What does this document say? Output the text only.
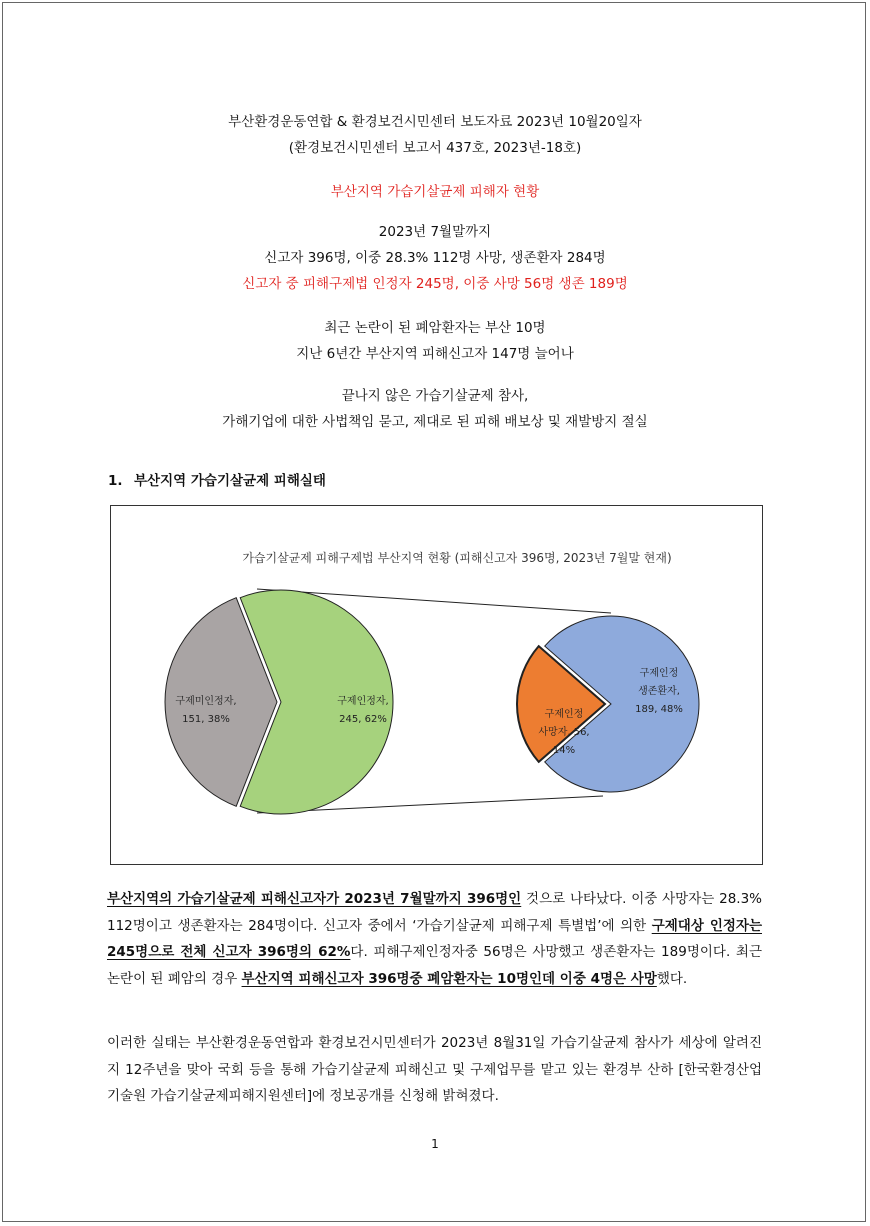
부산환경운동연합 & 환경보건시민센터 보도자료 2023년 10월20일자
(환경보건시민센터 보고서 437호, 2023년-18호)
부산지역 가습기살균제 피해자 현황
2023년 7월말까지
신고자 396명, 이중 28.3% 112명 사망, 생존환자 284명
신고자 중 피해구제법 인정자 245명, 이중 사망 56명 생존 189명
최근 논란이 된 폐암환자는 부산 10명
지난 6년간 부산지역 피해신고자 147명 늘어나
끝나지 않은 가습기살균제 참사,
가해기업에 대한 사법책임 묻고, 제대로 된 피해 배보상 및 재발방지 절실
1. 부산지역 가습기살균제 피해실태
가습기살균제 피해구제법 부산지역 현황 (피해신고자 396명, 2023년 7월말 현재)
구제미인정자,
151, 38%
구제인정자,
245, 62%
구제인정
생존환자,
189, 48%
구제인정
사망자, 56,
14%
부산지역의 가습기살균제 피해신고자가 2023년 7월말까지 396명인 것으로 나타났다. 이중 사망자는 28.3% 112명이고 생존환자는 284명이다. 신고자 중에서 ‘가습기살균제 피해구제 특별법’에 의한 구제대상 인정자는 245명으로 전체 신고자 396명의 62%다. 피해구제인정자중 56명은 사망했고 생존환자는 189명이다. 최근 논란이 된 폐암의 경우 부산지역 피해신고자 396명중 폐암환자는 10명인데 이중 4명은 사망했다.
이러한 실태는 부산환경운동연합과 환경보건시민센터가 2023년 8월31일 가습기살균제 참사가 세상에 알려진 지 12주년을 맞아 국회 등을 통해 가습기살균제 피해신고 및 구제업무를 맡고 있는 환경부 산하 [한국환경산업기술원 가습기살균제피해지원센터]에 정보공개를 신청해 밝혀졌다.
1
